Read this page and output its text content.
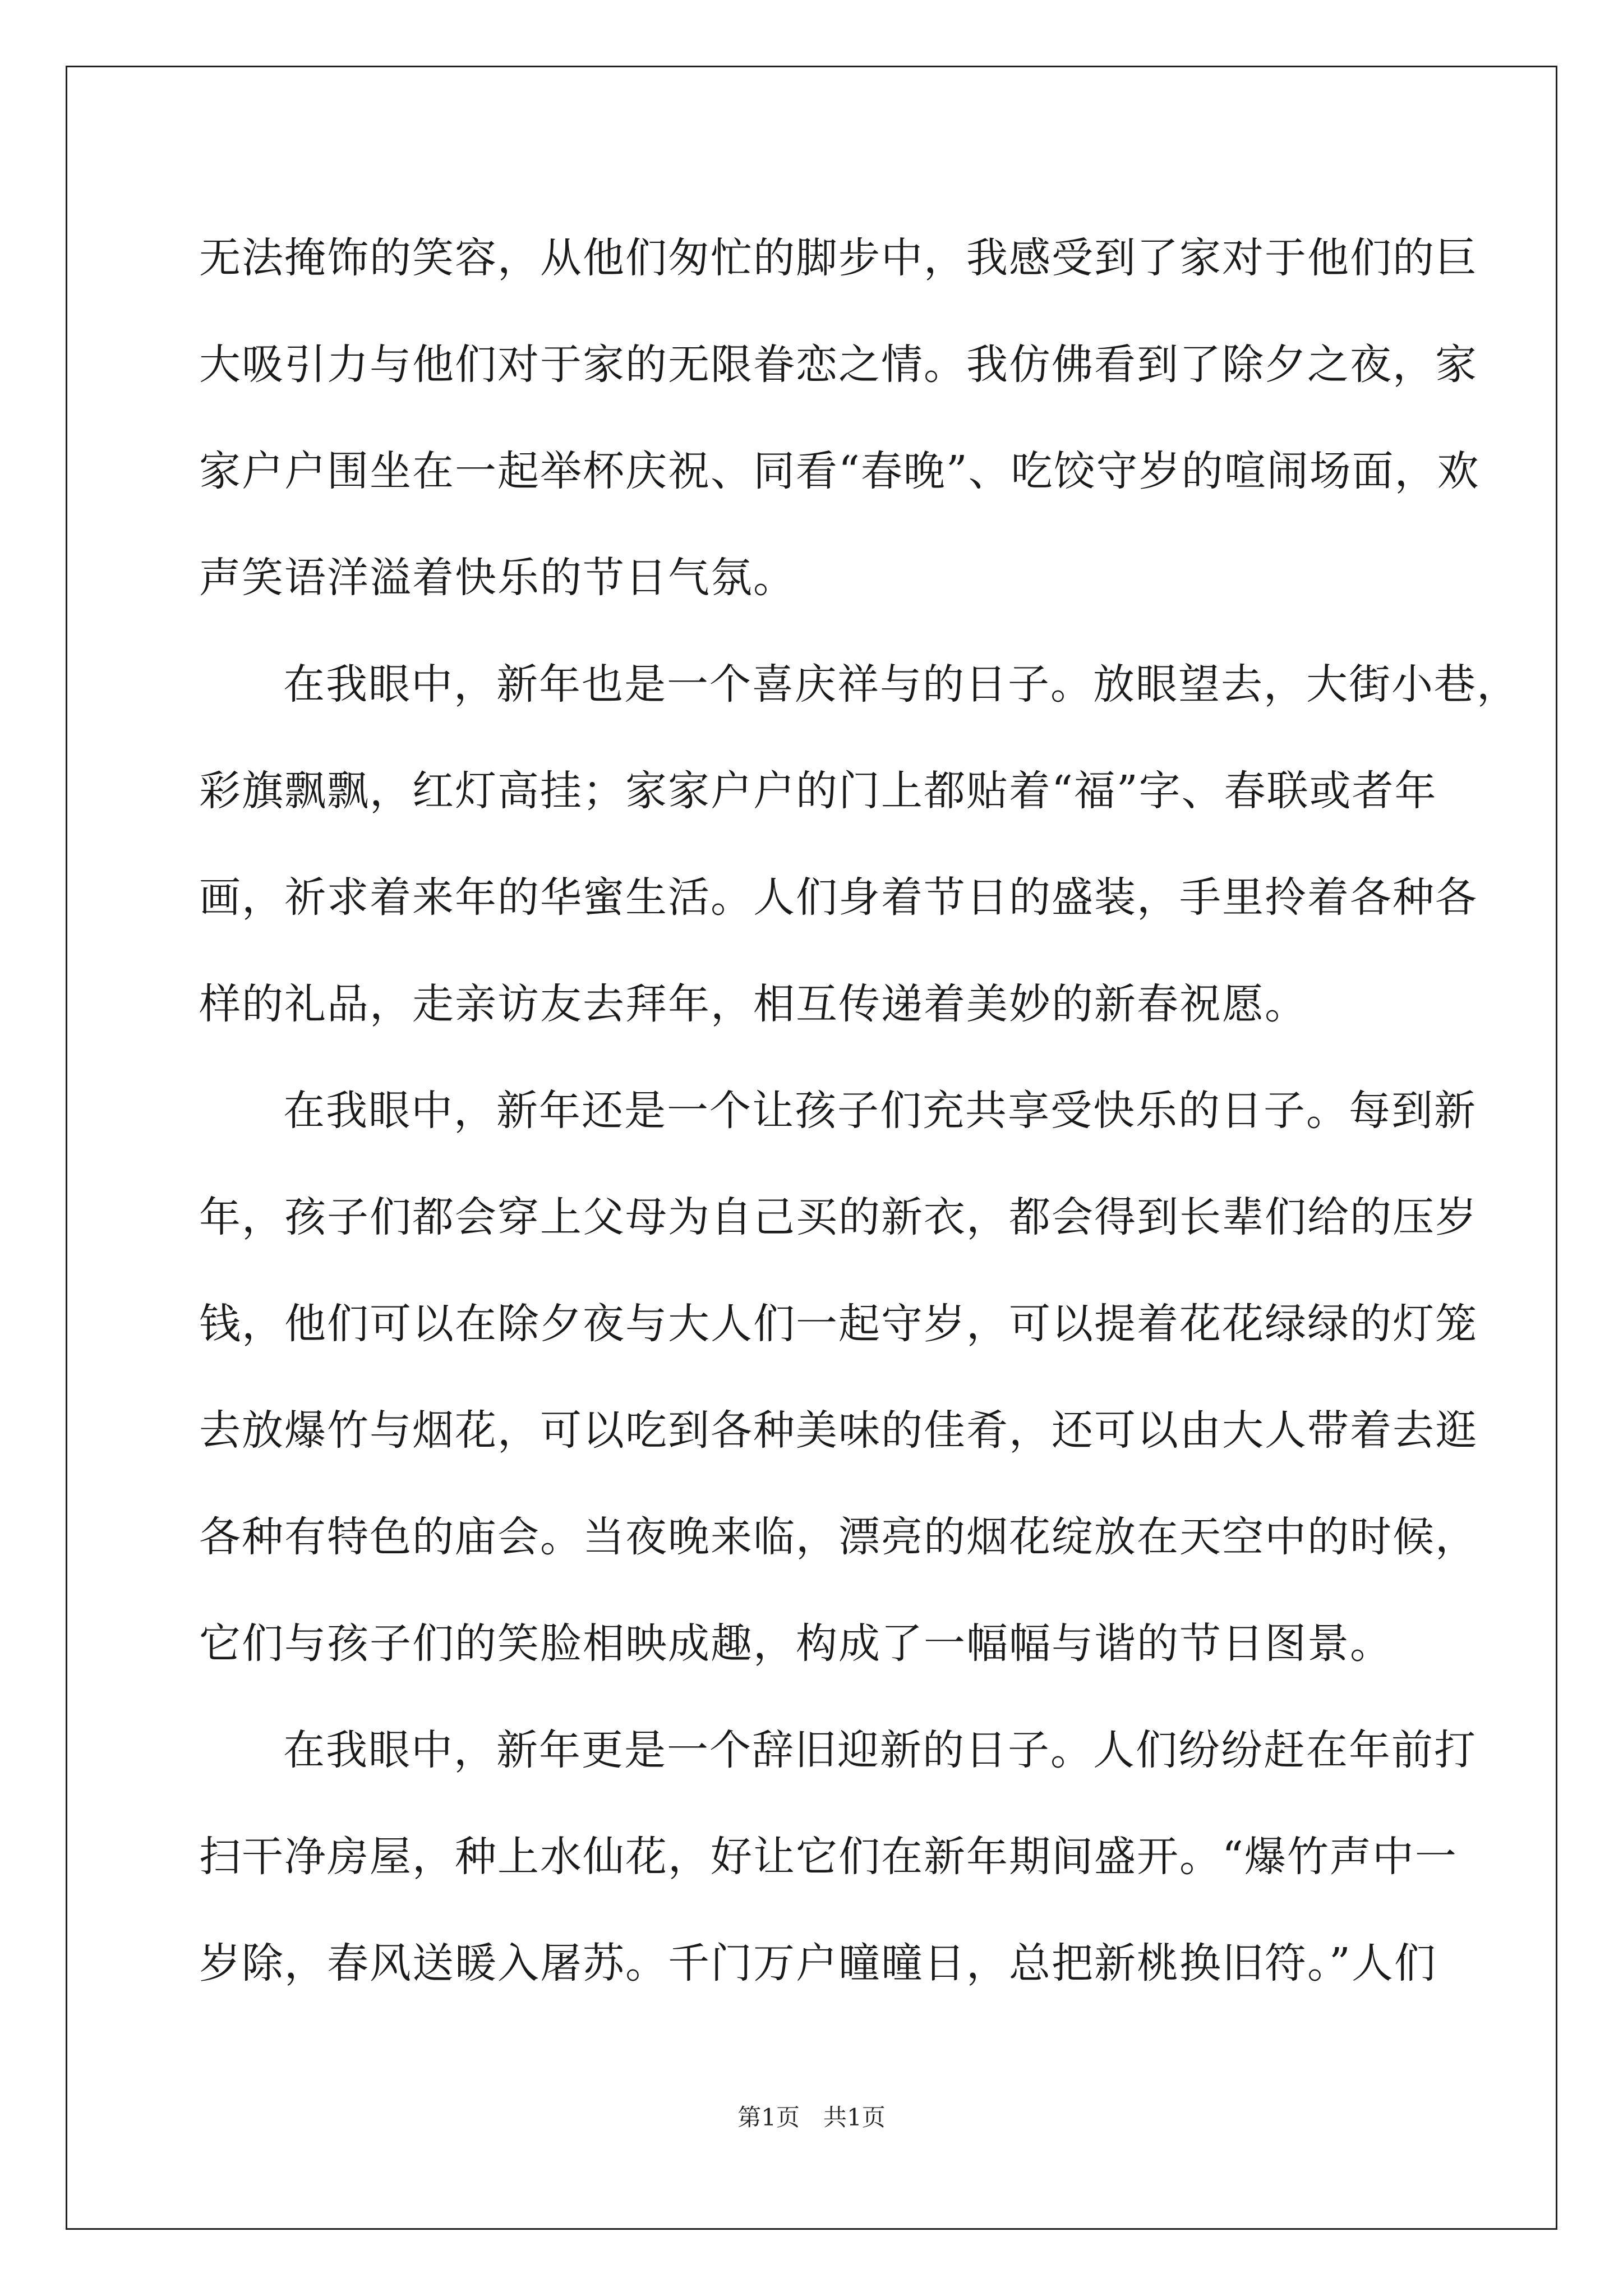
无法掩饰的笑容，从他们匆忙的脚步中，我感受到了家对于他们的巨
大吸引力与他们对于家的无限眷恋之情。我仿佛看到了除夕之夜，家
家户户围坐在一起举杯庆祝、同看“春晚”、吃饺守岁的喧闹场面，欢
声笑语洋溢着快乐的节日气氛。
在我眼中，新年也是一个喜庆祥与的日子。放眼望去，大街小巷，
彩旗飘飘，红灯高挂；家家户户的门上都贴着“福”字、春联或者年
画，祈求着来年的华蜜生活。人们身着节日的盛装，手里拎着各种各
样的礼品，走亲访友去拜年，相互传递着美妙的新春祝愿。
在我眼中，新年还是一个让孩子们充共享受快乐的日子。每到新
年，孩子们都会穿上父母为自己买的新衣，都会得到长辈们给的压岁
钱，他们可以在除夕夜与大人们一起守岁，可以提着花花绿绿的灯笼
去放爆竹与烟花，可以吃到各种美味的佳肴，还可以由大人带着去逛
各种有特色的庙会。当夜晚来临，漂亮的烟花绽放在天空中的时候，
它们与孩子们的笑脸相映成趣，构成了一幅幅与谐的节日图景。
在我眼中，新年更是一个辞旧迎新的日子。人们纷纷赶在年前打
扫干净房屋，种上水仙花，好让它们在新年期间盛开。“爆竹声中一
岁除，春风送暖入屠苏。千门万户曈曈日，总把新桃换旧符。”人们
第1页　共1页
